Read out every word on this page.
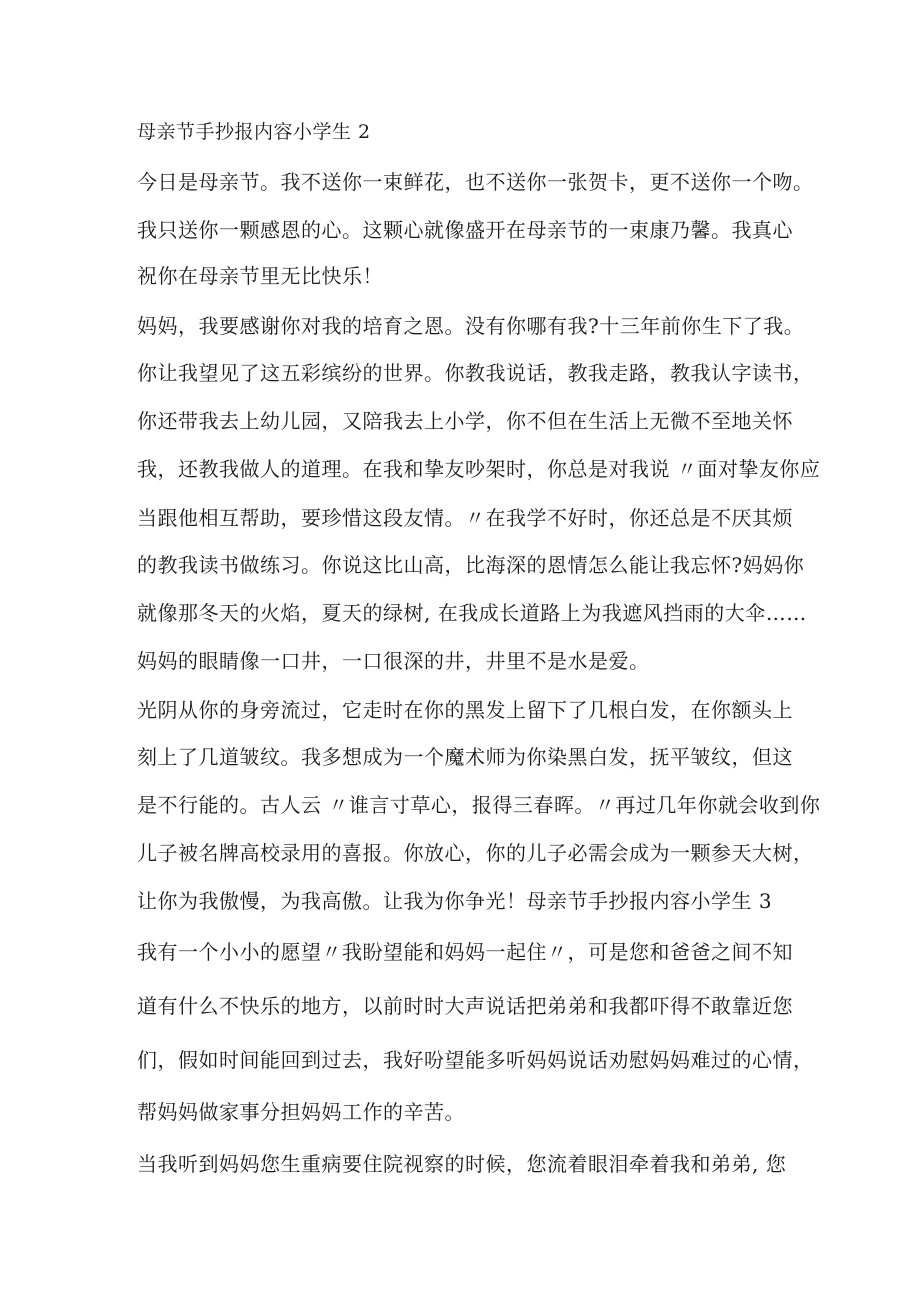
母亲节手抄报内容小学生 2
今日是母亲节。我不送你一束鲜花，也不送你一张贺卡，更不送你一个吻。
我只送你一颗感恩的心。这颗心就像盛开在母亲节的一束康乃馨。我真心
祝你在母亲节里无比快乐！
妈妈，我要感谢你对我的培育之恩。没有你哪有我?十三年前你生下了我。
你让我望见了这五彩缤纷的世界。你教我说话，教我走路，教我认字读书，
你还带我去上幼儿园，又陪我去上小学，你不但在生活上无微不至地关怀
我，还教我做人的道理。在我和挚友吵架时，你总是对我说 〃面对挚友你应
当跟他相互帮助，要珍惜这段友情。〃在我学不好时，你还总是不厌其烦
的教我读书做练习。你说这比山高，比海深的恩情怎么能让我忘怀?妈妈你
就像那冬天的火焰，夏天的绿树, 在我成长道路上为我遮风挡雨的大伞……
妈妈的眼睛像一口井，一口很深的井，井里不是水是爱。
光阴从你的身旁流过，它走时在你的黑发上留下了几根白发，在你额头上
刻上了几道皱纹。我多想成为一个魔术师为你染黑白发，抚平皱纹，但这
是不行能的。古人云 〃谁言寸草心，报得三春晖。〃再过几年你就会收到你
儿子被名牌高校录用的喜报。你放心，你的儿子必需会成为一颗参天大树，
让你为我傲慢，为我高傲。让我为你争光！母亲节手抄报内容小学生 3
我有一个小小的愿望〃我盼望能和妈妈一起住〃，可是您和爸爸之间不知
道有什么不快乐的地方，以前时时大声说话把弟弟和我都吓得不敢靠近您
们，假如时间能回到过去，我好吩望能多听妈妈说话劝慰妈妈难过的心情，
帮妈妈做家事分担妈妈工作的辛苦。
当我听到妈妈您生重病要住院视察的时候，您流着眼泪牵着我和弟弟, 您
